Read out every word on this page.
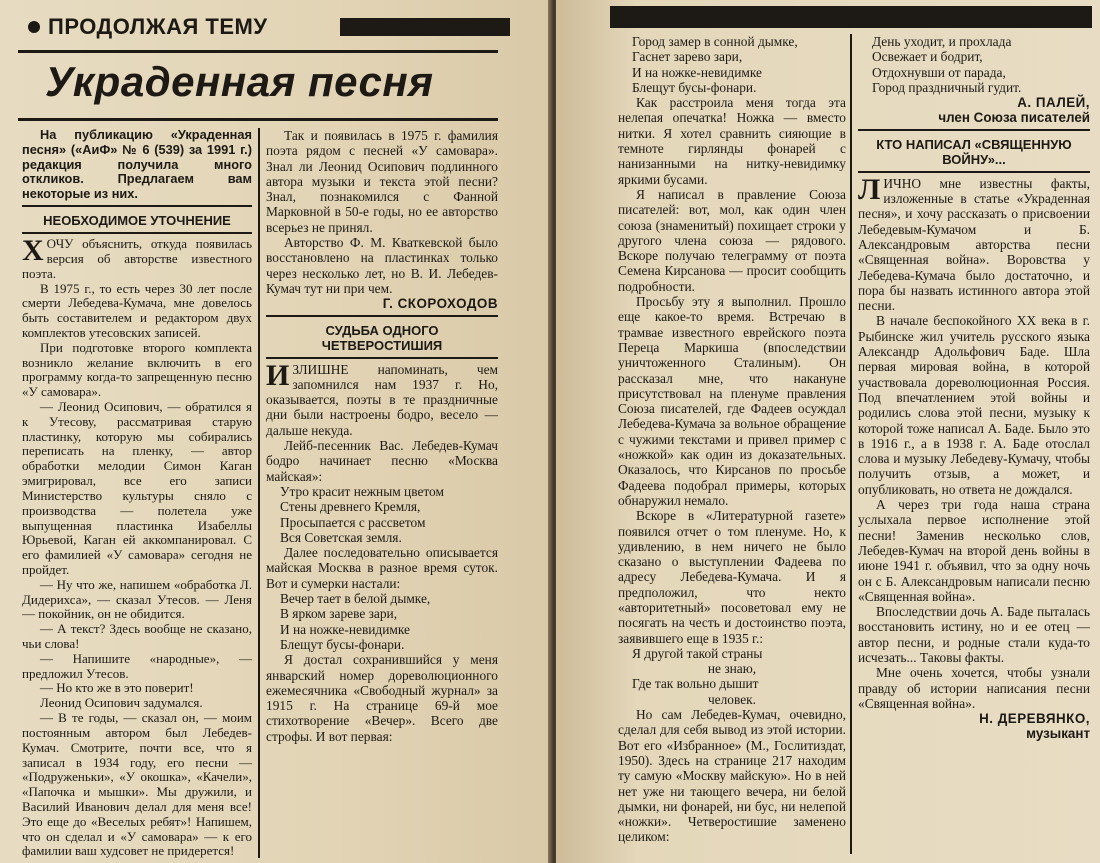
ПРОДОЛЖАЯ ТЕМУ
Украденная песня

На публикацию «Украденная песня» («АиФ» № 6 (539) за 1991 г.) редакция получила много откликов. Предлагаем вам некоторые из них.

НЕОБХОДИМОЕ УТОЧНЕНИЕ

ХОЧУ объяснить, откуда появилась версия об авторстве известного поэта.

В 1975 г., то есть через 30 лет после смерти Лебедева-Кумача, мне довелось быть составителем и редактором двух комплектов утесовских записей.

При подготовке второго комплекта возникло желание включить в его программу когда-то запрещенную песню «У самовара».

— Леонид Осипович, — обратился я к Утесову, рассматривая старую пластинку, которую мы собирались переписать на пленку, — автор обработки мелодии Симон Каган эмигрировал, все его записи Министерство культуры сняло с производства — полетела уже выпущенная пластинка Изабеллы Юрьевой, Каган ей аккомпанировал. С его фамилией «У самовара» сегодня не пройдет.

— Ну что же, напишем «обработка Л. Дидерихса», — сказал Утесов. — Леня — покойник, он не обидится.

— А текст? Здесь вообще не сказано, чьи слова!

— Напишите «народные», — предложил Утесов.

— Но кто же в это поверит!

Леонид Осипович задумался.

— В те годы, — сказал он, — моим постоянным автором был Лебедев-Кумач. Смотрите, почти все, что я записал в 1934 году, его песни — «Подруженьки», «У окошка», «Качели», «Папочка и мышки». Мы дружили, и Василий Иванович делал для меня все! Это еще до «Веселых ребят»! Напишем, что он сделал и «У самовара» — к его фамилии ваш худсовет не придерется!

Так и появилась в 1975 г. фамилия поэта рядом с песней «У самовара». Знал ли Леонид Осипович подлинного автора музыки и текста этой песни? Знал, познакомился с Фанной Марковной в 50-е годы, но ее авторство всерьез не принял.

Авторство Ф. М. Кваткевской было восстановлено на пластинках только через несколько лет, но В. И. Лебедев-Кумач тут ни при чем.

Г. СКОРОХОДОВ

СУДЬБА ОДНОГО ЧЕТВЕРОСТИШИЯ

ИЗЛИШНЕ напоминать, чем запомнился нам 1937 г. Но, оказывается, поэты в те праздничные дни были настроены бодро, весело — дальше некуда.

Лейб-песенник Вас. Лебедев-Кумач бодро начинает песню «Москва майская»:

Утро красит нежным цветом

Стены древнего Кремля,

Просыпается с рассветом

Вся Советская земля.

Далее последовательно описывается майская Москва в разное время суток. Вот и сумерки настали:

Вечер тает в белой дымке,

В ярком зареве зари,

И на ножке-невидимке

Блещут бусы-фонари.

Я достал сохранившийся у меня январский номер дореволюционного ежемесячника «Свободный журнал» за 1915 г. На странице 69-й мое стихотворение «Вечер». Всего две строфы. И вот первая:

Город замер в сонной дымке,

Гаснет зарево зари,

И на ножке-невидимке

Блещут бусы-фонари.

Как расстроила меня тогда эта нелепая опечатка! Ножка — вместо нитки. Я хотел сравнить сияющие в темноте гирлянды фонарей с нанизанными на нитку-невидимку яркими бусами.

Я написал в правление Союза писателей: вот, мол, как один член союза (знаменитый) похищает строки у другого члена союза — рядового. Вскоре получаю телеграмму от поэта Семена Кирсанова — просит сообщить подробности.

Просьбу эту я выполнил. Прошло еще какое-то время. Встречаю в трамвае известного еврейского поэта Переца Маркиша (впоследствии уничтоженного Сталиным). Он рассказал мне, что накануне присутствовал на пленуме правления Союза писателей, где Фадеев осуждал Лебедева-Кумача за вольное обращение с чужими текстами и привел пример с «ножкой» как один из доказательных. Оказалось, что Кирсанов по просьбе Фадеева подобрал примеры, которых обнаружил немало.

Вскоре в «Литературной газете» появился отчет о том пленуме. Но, к удивлению, в нем ничего не было сказано о выступлении Фадеева по адресу Лебедева-Кумача. И я предположил, что некто «авторитетный» посоветовал ему не посягать на честь и достоинство поэта, заявившего еще в 1935 г.:

Я другой такой страны

не знаю,

Где так вольно дышит

человек.

Но сам Лебедев-Кумач, очевидно, сделал для себя вывод из этой истории. Вот его «Избранное» (М., Гослитиздат, 1950). Здесь на странице 217 находим ту самую «Москву майскую». Но в ней нет уже ни тающего вечера, ни белой дымки, ни фонарей, ни бус, ни нелепой «ножки». Четверостишие заменено целиком:

День уходит, и прохлада

Освежает и бодрит,

Отдохнувши от парада,

Город праздничный гудит.

А. ПАЛЕЙ,

член Союза писателей

КТО НАПИСАЛ «СВЯЩЕННУЮ ВОЙНУ»...

ЛИЧНО мне известны факты, изложенные в статье «Украденная песня», и хочу рассказать о присвоении Лебедевым-Кумачом и Б. Александровым авторства песни «Священная война». Воровства у Лебедева-Кумача было достаточно, и пора бы назвать истинного автора этой песни.

В начале беспокойного XX века в г. Рыбинске жил учитель русского языка Александр Адольфович Баде. Шла первая мировая война, в которой участвовала дореволюционная Россия. Под впечатлением этой войны и родились слова этой песни, музыку к которой тоже написал А. Баде. Было это в 1916 г., а в 1938 г. А. Баде отослал слова и музыку Лебедеву-Кумачу, чтобы получить отзыв, а может, и опубликовать, но ответа не дождался.

А через три года наша страна услыхала первое исполнение этой песни! Заменив несколько слов, Лебедев-Кумач на второй день войны в июне 1941 г. объявил, что за одну ночь он с Б. Александровым написали песню «Священная война».

Впоследствии дочь А. Баде пыталась восстановить истину, но и ее отец — автор песни, и родные стали куда-то исчезать... Таковы факты.

Мне очень хочется, чтобы узнали правду об истории написания песни «Священная война».

Н. ДЕРЕВЯНКО,

музыкант
